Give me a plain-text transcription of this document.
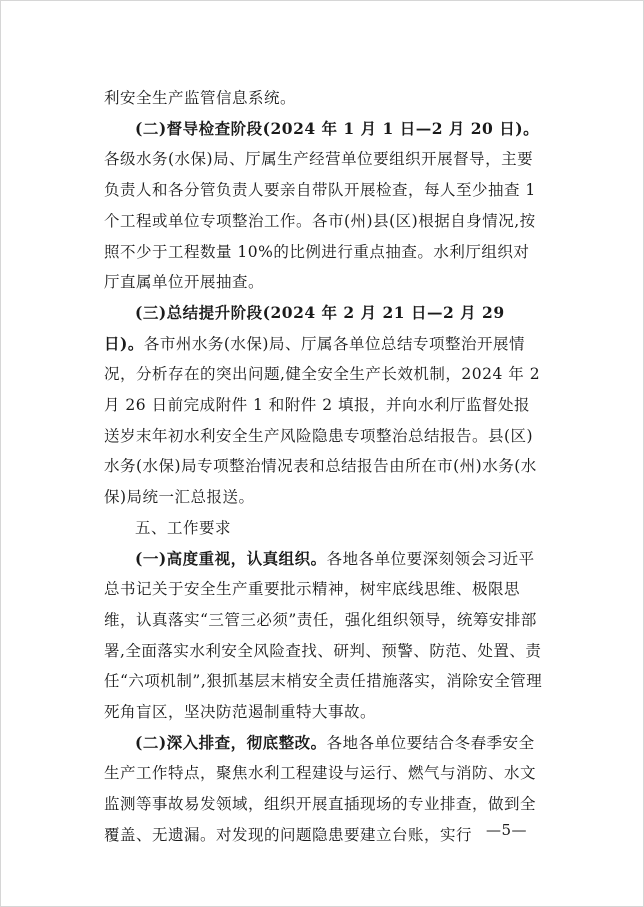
利安全生产监管信息系统。

(二)督导检查阶段(2024 年 1 月 1 日—2 月 20 日)。各级水务(水保)局、厅属生产经营单位要组织开展督导，主要负责人和各分管负责人要亲自带队开展检查，每人至少抽查 1 个工程或单位专项整治工作。各市(州)县(区)根据自身情况,按照不少于工程数量 10%的比例进行重点抽查。水利厅组织对厅直属单位开展抽查。

(三)总结提升阶段(2024 年 2 月 21 日—2 月 29 日)。各市州水务(水保)局、厅属各单位总结专项整治开展情况，分析存在的突出问题,健全安全生产长效机制，2024 年 2 月 26 日前完成附件 1 和附件 2 填报，并向水利厅监督处报送岁末年初水利安全生产风险隐患专项整治总结报告。县(区)水务(水保)局专项整治情况表和总结报告由所在市(州)水务(水保)局统一汇总报送。

五、工作要求

(一)高度重视，认真组织。各地各单位要深刻领会习近平总书记关于安全生产重要批示精神，树牢底线思维、极限思维，认真落实“三管三必须”责任，强化组织领导，统筹安排部署,全面落实水利安全风险查找、研判、预警、防范、处置、责任“六项机制”,狠抓基层末梢安全责任措施落实，消除安全管理死角盲区，坚决防范遏制重特大事故。

(二)深入排查，彻底整改。各地各单位要结合冬春季安全生产工作特点，聚焦水利工程建设与运行、燃气与消防、水文监测等事故易发领域，组织开展直插现场的专业排查，做到全覆盖、无遗漏。对发现的问题隐患要建立台账，实行 —5—
